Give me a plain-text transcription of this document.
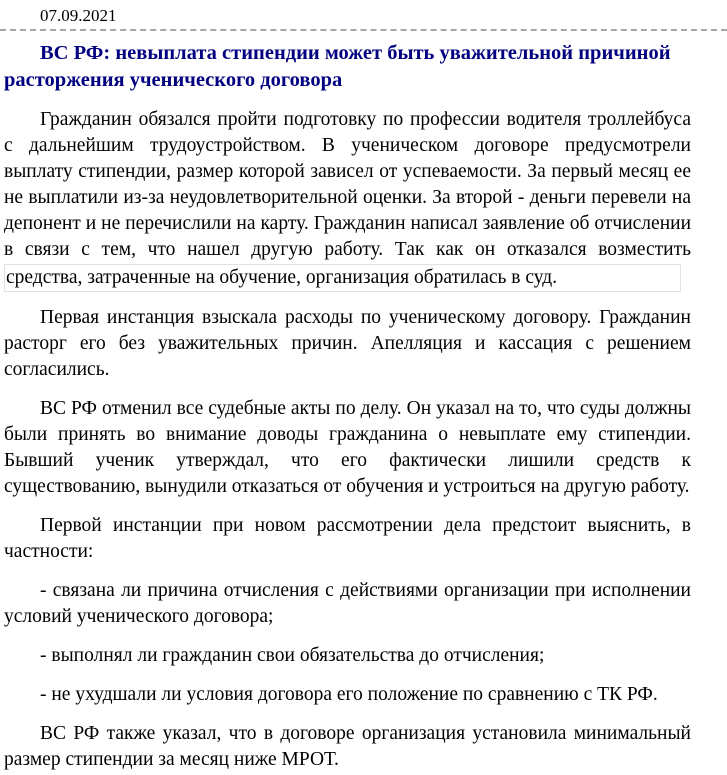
07.09.2021
ВС РФ: невыплата стипендии может быть уважительной причиной расторжения ученического договора

Гражданин обязался пройти подготовку по профессии водителя троллейбуса с дальнейшим трудоустройством. В ученическом договоре предусмотрели выплату стипендии, размер которой зависел от успеваемости. За первый месяц ее не выплатили из-за неудовлетворительной оценки. За второй - деньги перевели на депонент и не перечислили на карту. Гражданин написал заявление об отчислении в связи с тем, что нашел другую работу. Так как он отказался возместить

средства, затраченные на обучение, организация обратилась в суд.

Первая инстанция взыскала расходы по ученическому договору. Гражданин расторг его без уважительных причин. Апелляция и кассация с решением согласились.

ВС РФ отменил все судебные акты по делу. Он указал на то, что суды должны были принять во внимание доводы гражданина о невыплате ему стипендии. Бывший ученик утверждал, что его фактически лишили средств к существованию, вынудили отказаться от обучения и устроиться на другую работу.

Первой инстанции при новом рассмотрении дела предстоит выяснить, в частности:

- связана ли причина отчисления с действиями организации при исполнении условий ученического договора;

- выполнял ли гражданин свои обязательства до отчисления;

- не ухудшали ли условия договора его положение по сравнению с ТК РФ.

ВС РФ также указал, что в договоре организация установила минимальный размер стипендии за месяц ниже МРОТ.
